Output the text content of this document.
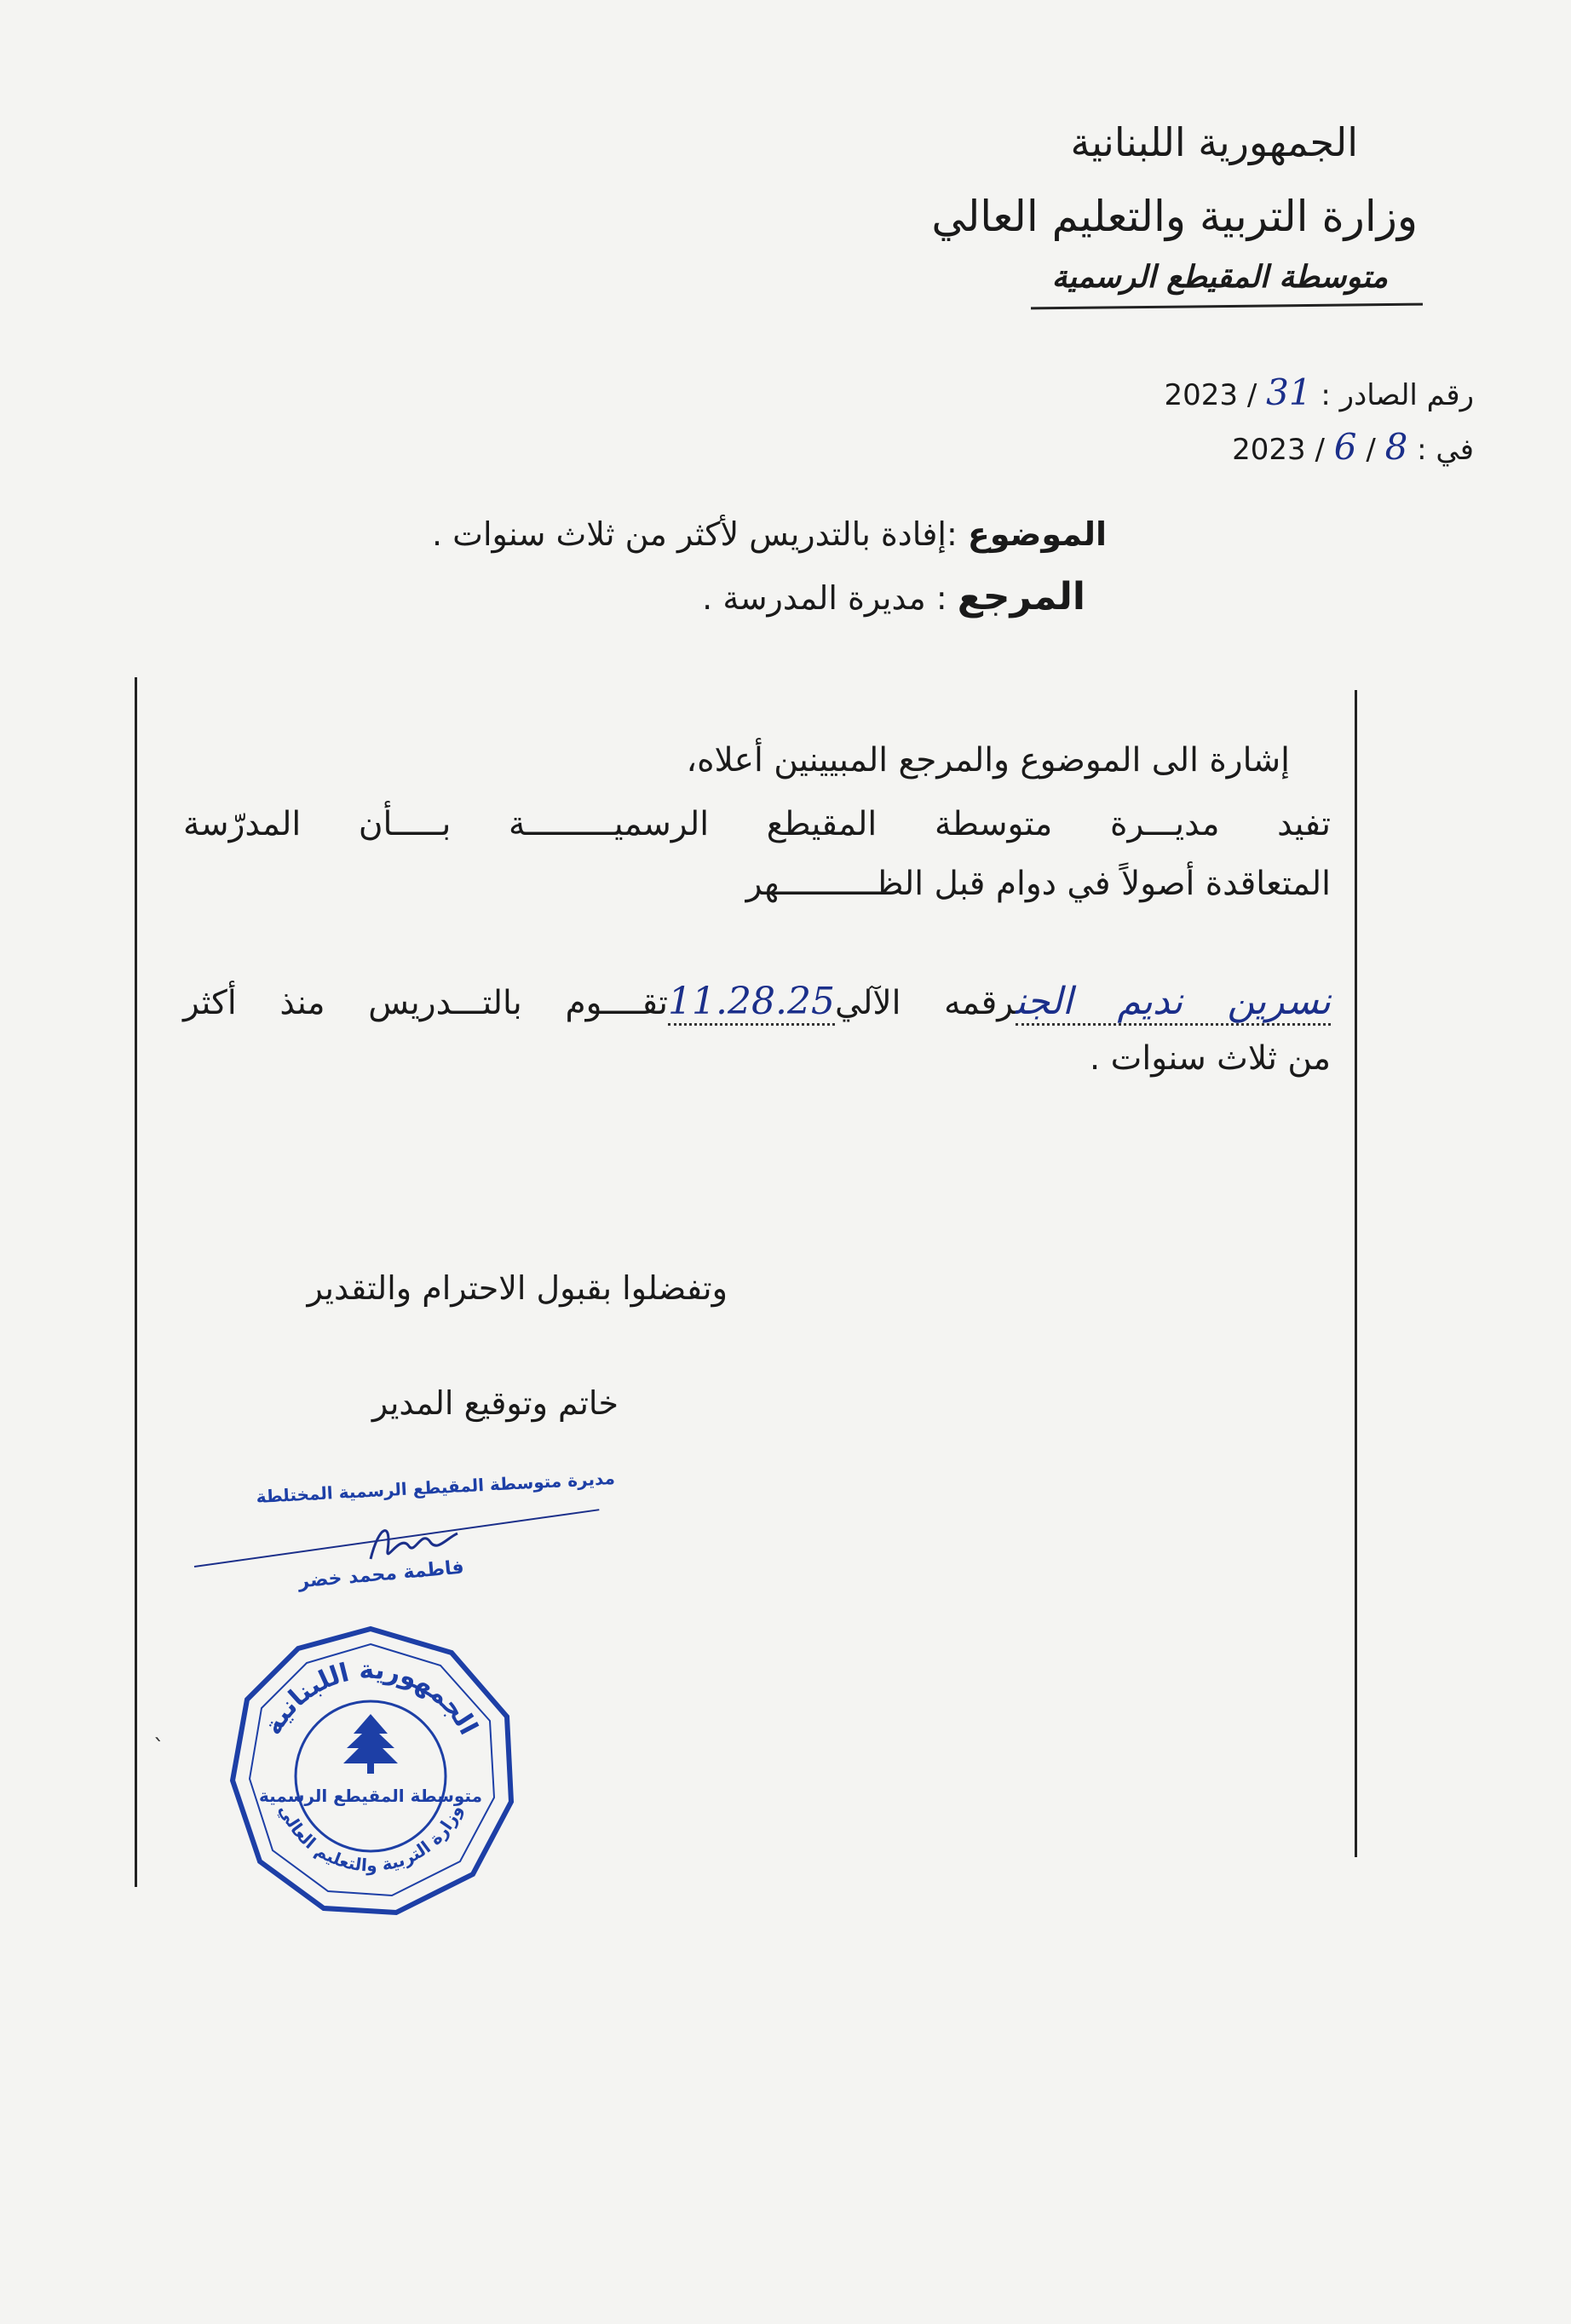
الجمهورية اللبنانية
وزارة التربية والتعليم العالي
متوسطة المقيطع الرسمية
رقم الصادر : 31 / 2023
في : 8 / 6 / 2023
الموضوع :إفادة بالتدريس لأكثر من ثلاث سنوات .
المرجع : مديرة المدرسة .
إشارة الى الموضوع والمرجع المبيينين أعلاه،
تفيد مديـــرة متوسطة المقيطع الرسميـــــــــة بـــــأن المدرّسة
المتعاقدة أصولاً في دوام قبل الظــــــــــهر
نسرين نديم الجنرقمه الآلي11.28.25تقــــوم بالتـــدريس منذ أكثر
من ثلاث سنوات .
وتفضلوا بقبول الاحترام والتقدير
خاتم وتوقيع المدير
مديرة متوسطة المقيطع الرسمية المختلطة
فاطمة محمد خضر
الجمهورية اللبنانية
وزارة التربية والتعليم العالي
متوسطة المقيطع الرسمية
ˎ
